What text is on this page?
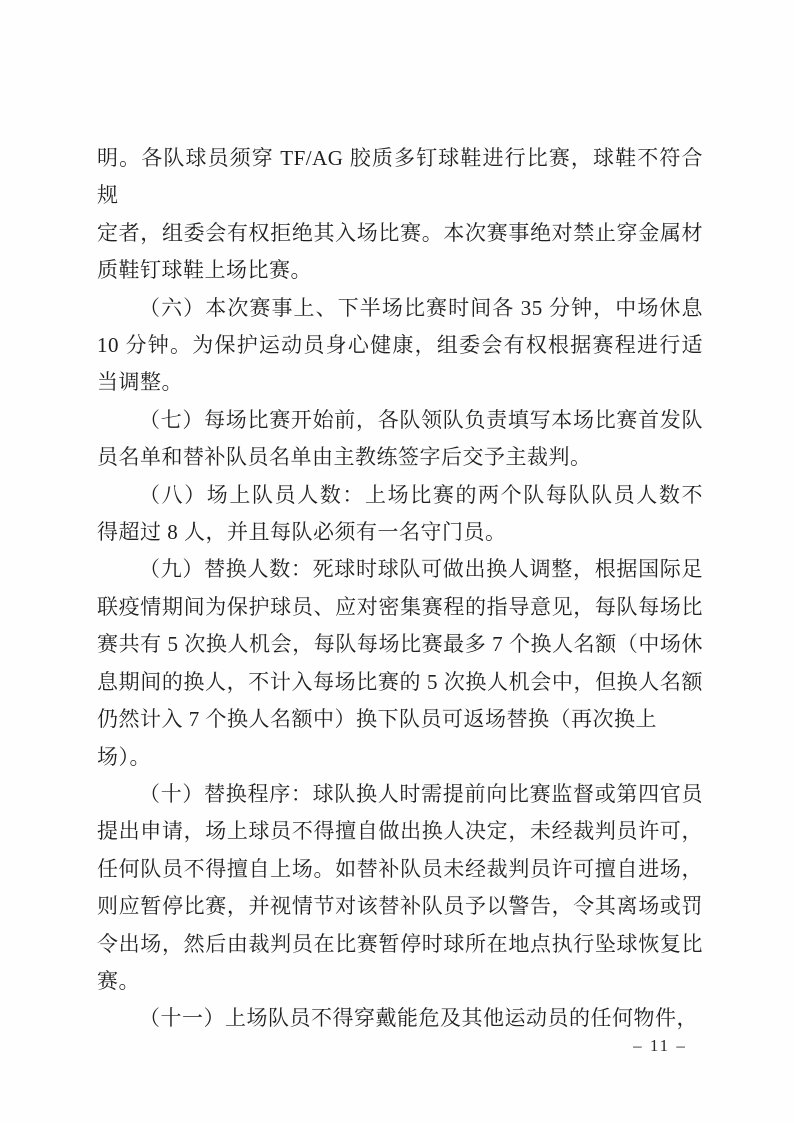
明。各队球员须穿 TF/AG 胶质多钉球鞋进行比赛，球鞋不符合规
定者，组委会有权拒绝其入场比赛。本次赛事绝对禁止穿金属材
质鞋钉球鞋上场比赛。
（六）本次赛事上、下半场比赛时间各 35 分钟，中场休息
10 分钟。为保护运动员身心健康，组委会有权根据赛程进行适
当调整。
（七）每场比赛开始前，各队领队负责填写本场比赛首发队
员名单和替补队员名单由主教练签字后交予主裁判。
（八）场上队员人数：上场比赛的两个队每队队员人数不
得超过 8 人，并且每队必须有一名守门员。
（九）替换人数：死球时球队可做出换人调整，根据国际足
联疫情期间为保护球员、应对密集赛程的指导意见，每队每场比
赛共有 5 次换人机会，每队每场比赛最多 7 个换人名额（中场休
息期间的换人，不计入每场比赛的 5 次换人机会中，但换人名额
仍然计入 7 个换人名额中）换下队员可返场替换（再次换上场）。
（十）替换程序：球队换人时需提前向比赛监督或第四官员
提出申请，场上球员不得擅自做出换人决定，未经裁判员许可，
任何队员不得擅自上场。如替补队员未经裁判员许可擅自进场，
则应暂停比赛，并视情节对该替补队员予以警告，令其离场或罚
令出场，然后由裁判员在比赛暂停时球所在地点执行坠球恢复比
赛。
（十一）上场队员不得穿戴能危及其他运动员的任何物件，
– 11 –
